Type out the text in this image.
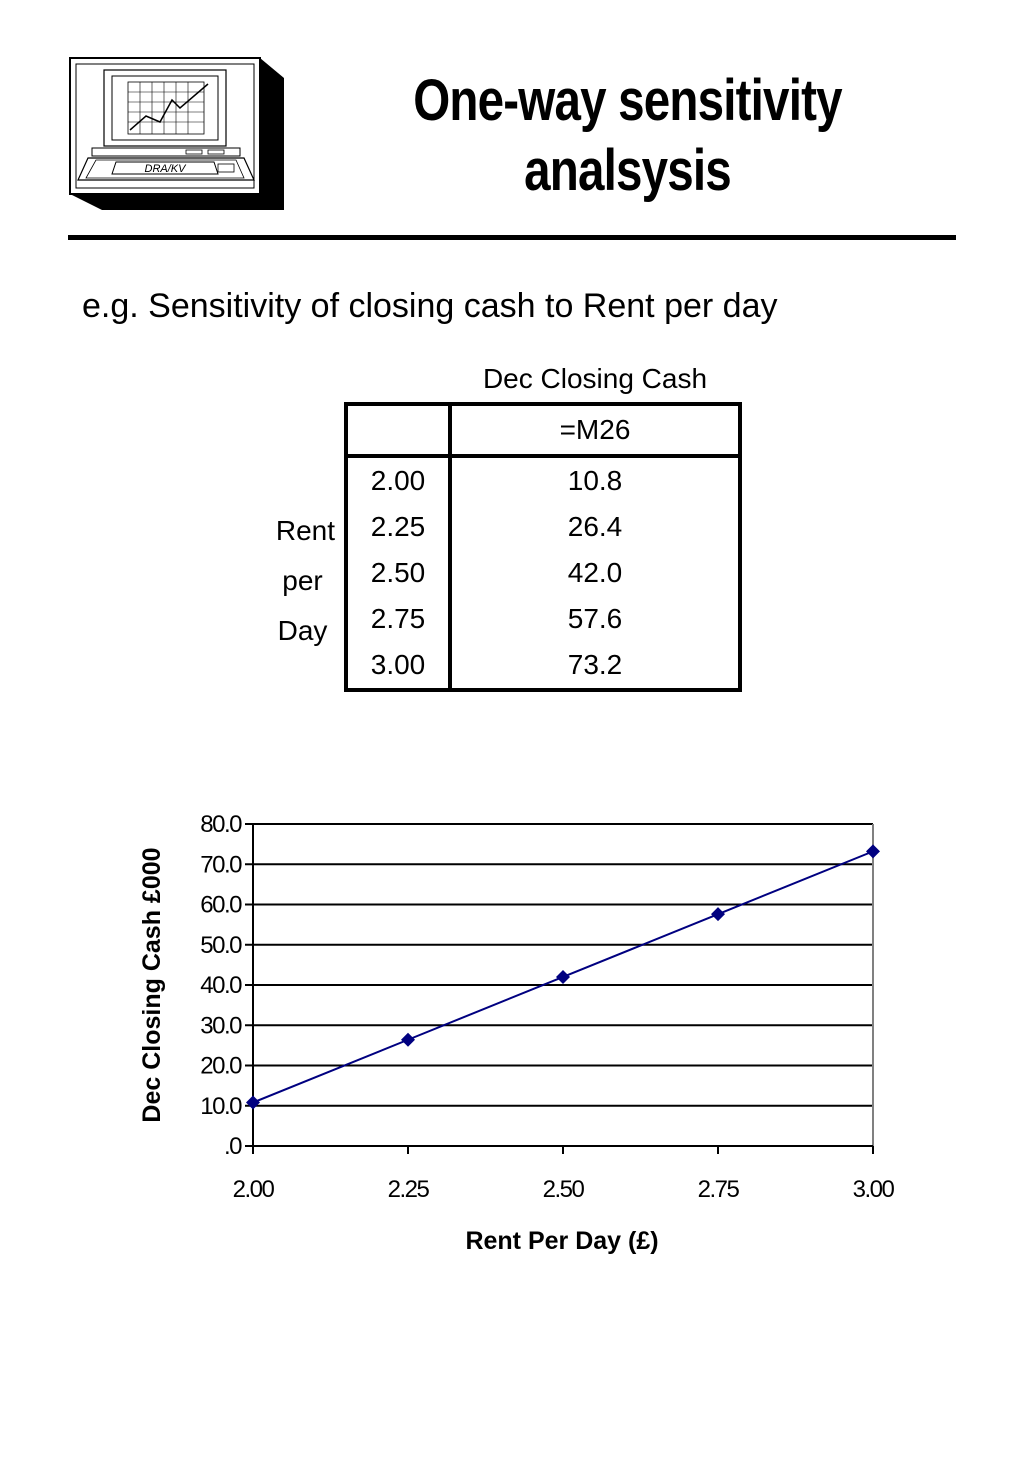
DRA/KV
One-way sensitivity
analsysis
e.g. Sensitivity of closing cash to Rent per day
Dec Closing Cash
Rent
per
Day
	=M26
2.00	10.8
2.25	26.4
2.50	42.0
2.75	57.6
3.00	73.2
.0
10.0
20.0
30.0
40.0
50.0
60.0
70.0
80.0
2.00	2.25	2.50	2.75	3.00
Rent Per Day (£)
Dec Closing Cash £000
